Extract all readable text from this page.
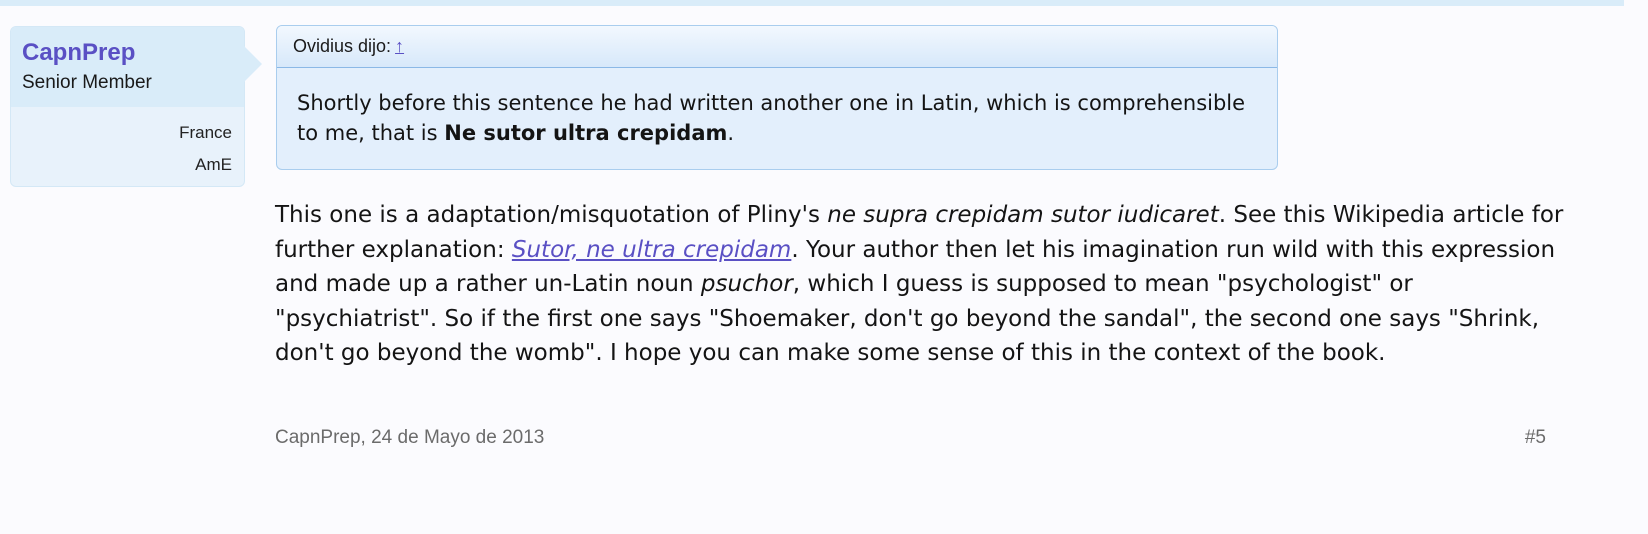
CapnPrep
Senior Member
France
AmE
Ovidius dijo: ↑
Shortly before this sentence he had written another one in Latin, which is comprehensible to me, that is Ne sutor ultra crepidam.
This one is a adaptation/misquotation of Pliny's ne supra crepidam sutor iudicaret. See this Wikipedia article for further explanation: Sutor, ne ultra crepidam. Your author then let his imagination run wild with this expression and made up a rather un-Latin noun psuchor, which I guess is supposed to mean "psychologist" or "psychiatrist". So if the first one says "Shoemaker, don't go beyond the sandal", the second one says "Shrink, don't go beyond the womb". I hope you can make some sense of this in the context of the book.
CapnPrep, 24 de Mayo de 2013	#5
